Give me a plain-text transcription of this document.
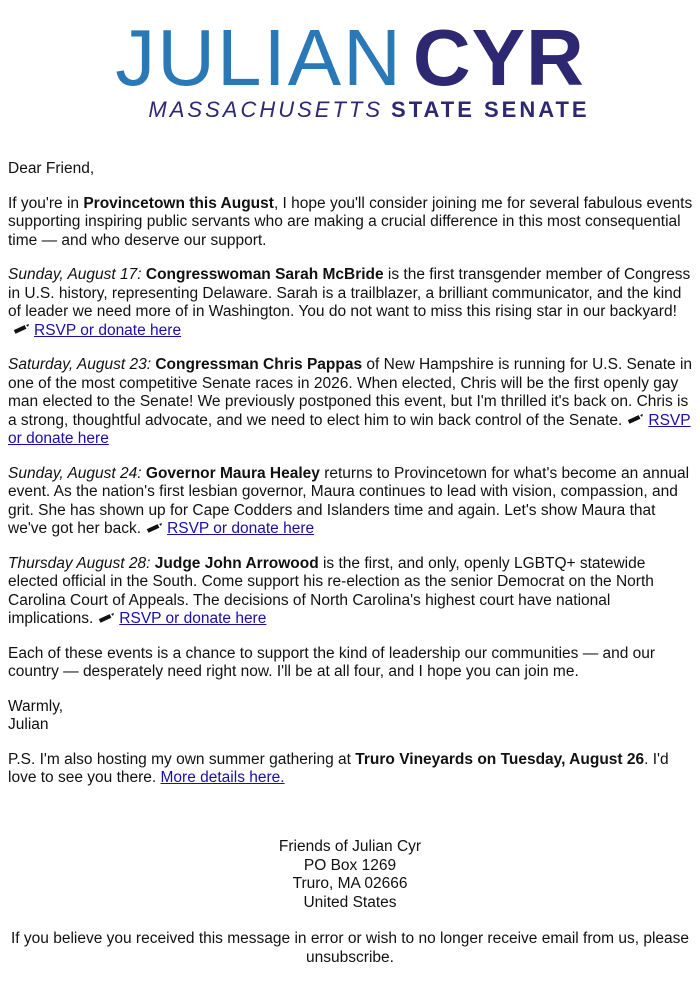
JULIAN CYR
MASSACHUSETTS STATE SENATE

Dear Friend,

If you're in Provincetown this August, I hope you'll consider joining me for several fabulous events supporting inspiring public servants who are making a crucial difference in this most consequential time — and who deserve our support.

Sunday, August 17: Congresswoman Sarah McBride is the first transgender member of Congress in U.S. history, representing Delaware. Sarah is a trailblazer, a brilliant communicator, and the kind of leader we need more of in Washington. You do not want to miss this rising star in our backyard!RSVP or donate here

Saturday, August 23: Congressman Chris Pappas of New Hampshire is running for U.S. Senate in one of the most competitive Senate races in 2026. When elected, Chris will be the first openly gay man elected to the Senate! We previously postponed this event, but I'm thrilled it's back on. Chris is a strong, thoughtful advocate, and we need to elect him to win back control of the Senate. RSVP or donate here

Sunday, August 24: Governor Maura Healey returns to Provincetown for what's become an annual event. As the nation's first lesbian governor, Maura continues to lead with vision, compassion, and grit. She has shown up for Cape Codders and Islanders time and again. Let's show Maura that we've got her back. RSVP or donate here

Thursday August 28: Judge John Arrowood is the first, and only, openly LGBTQ+ statewide elected official in the South. Come support his re-election as the senior Democrat on the North Carolina Court of Appeals. The decisions of North Carolina's highest court have national implications. RSVP or donate here

Each of these events is a chance to support the kind of leadership our communities — and our country — desperately need right now. I'll be at all four, and I hope you can join me.

Warmly,
Julian

P.S. I'm also hosting my own summer gathering at Truro Vineyards on Tuesday, August 26. I'd love to see you there. More details here.

Friends of Julian Cyr
PO Box 1269
Truro, MA 02666
United States
If you believe you received this message in error or wish to no longer receive email from us, please unsubscribe.
